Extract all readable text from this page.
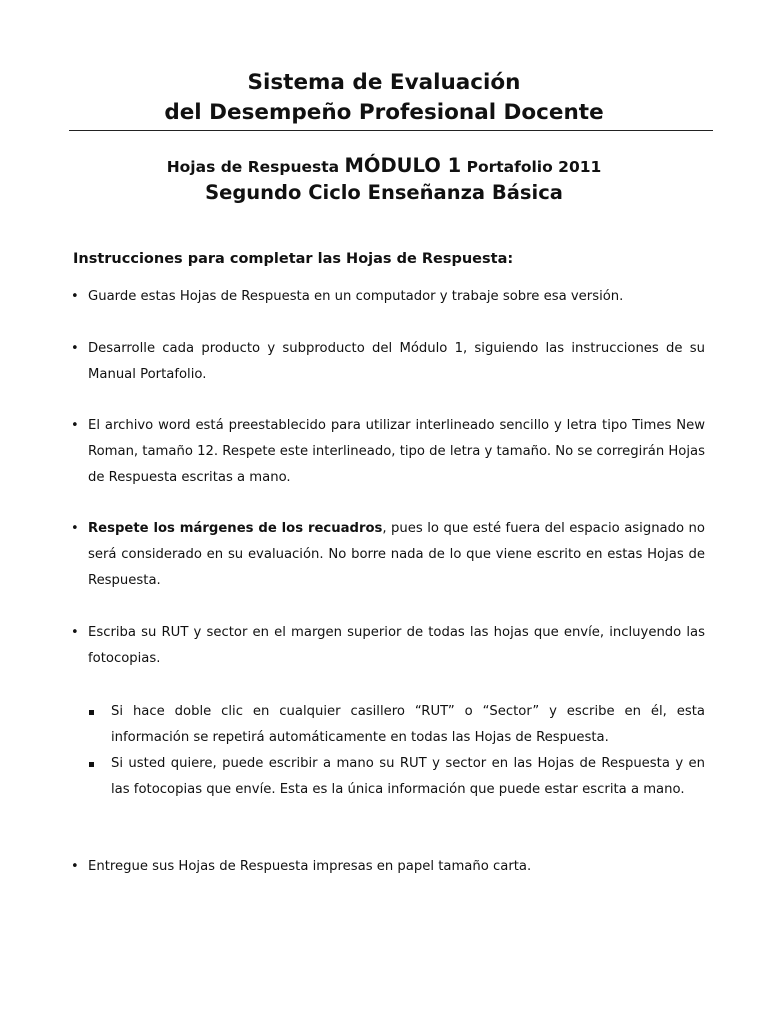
Sistema de Evaluación

del Desempeño Profesional Docente

Hojas de Respuesta MÓDULO 1 Portafolio 2011
Segundo Ciclo Enseñanza Básica
Instrucciones para completar las Hojas de Respuesta:
• Guarde estas Hojas de Respuesta en un computador y trabaje sobre esa versión.
• Desarrolle cada producto y subproducto del Módulo 1, siguiendo las instrucciones de su Manual Portafolio.
• El archivo word está preestablecido para utilizar interlineado sencillo y letra tipo Times New Roman, tamaño 12. Respete este interlineado, tipo de letra y tamaño. No se corregirán Hojas de Respuesta escritas a mano.
• Respete los márgenes de los recuadros, pues lo que esté fuera del espacio asignado no será considerado en su evaluación. No borre nada de lo que viene escrito en estas Hojas de Respuesta.
• Escriba su RUT y sector en el margen superior de todas las hojas que envíe, incluyendo las fotocopias.
Si hace doble clic en cualquier casillero “RUT” o “Sector” y escribe en él, esta información se repetirá automáticamente en todas las Hojas de Respuesta.
Si usted quiere, puede escribir a mano su RUT y sector en las Hojas de Respuesta y en las fotocopias que envíe. Esta es la única información que puede estar escrita a mano.
• Entregue sus Hojas de Respuesta impresas en papel tamaño carta.
